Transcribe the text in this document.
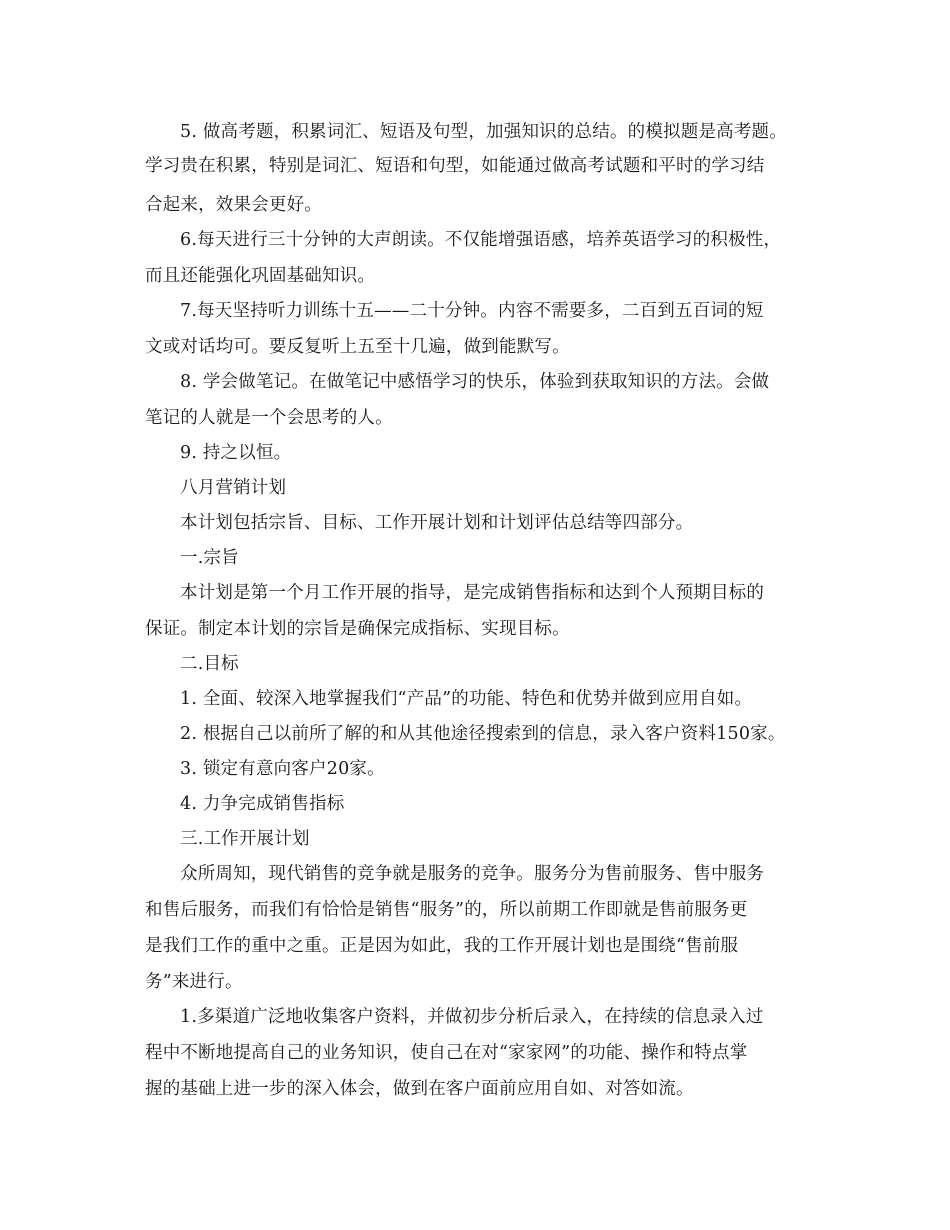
5. 做高考题，积累词汇、短语及句型，加强知识的总结。的模拟题是高考题。
学习贵在积累，特别是词汇、短语和句型，如能通过做高考试题和平时的学习结
合起来，效果会更好。
6.每天进行三十分钟的大声朗读。不仅能增强语感，培养英语学习的积极性，
而且还能强化巩固基础知识。
7.每天坚持听力训练十五——二十分钟。内容不需要多，二百到五百词的短
文或对话均可。要反复听上五至十几遍，做到能默写。
8. 学会做笔记。在做笔记中感悟学习的快乐，体验到获取知识的方法。会做
笔记的人就是一个会思考的人。
9. 持之以恒。
八月营销计划
本计划包括宗旨、目标、工作开展计划和计划评估总结等四部分。
一.宗旨
本计划是第一个月工作开展的指导，是完成销售指标和达到个人预期目标的
保证。制定本计划的宗旨是确保完成指标、实现目标。
二.目标
1. 全面、较深入地掌握我们“产品”的功能、特色和优势并做到应用自如。
2. 根据自己以前所了解的和从其他途径搜索到的信息，录入客户资料150家。
3. 锁定有意向客户20家。
4. 力争完成销售指标
三.工作开展计划
众所周知，现代销售的竞争就是服务的竞争。服务分为售前服务、售中服务
和售后服务，而我们有恰恰是销售“服务”的，所以前期工作即就是售前服务更
是我们工作的重中之重。正是因为如此，我的工作开展计划也是围绕“售前服
务”来进行。
1.多渠道广泛地收集客户资料，并做初步分析后录入，在持续的信息录入过
程中不断地提高自己的业务知识，使自己在对“家家网”的功能、操作和特点掌
握的基础上进一步的深入体会，做到在客户面前应用自如、对答如流。
